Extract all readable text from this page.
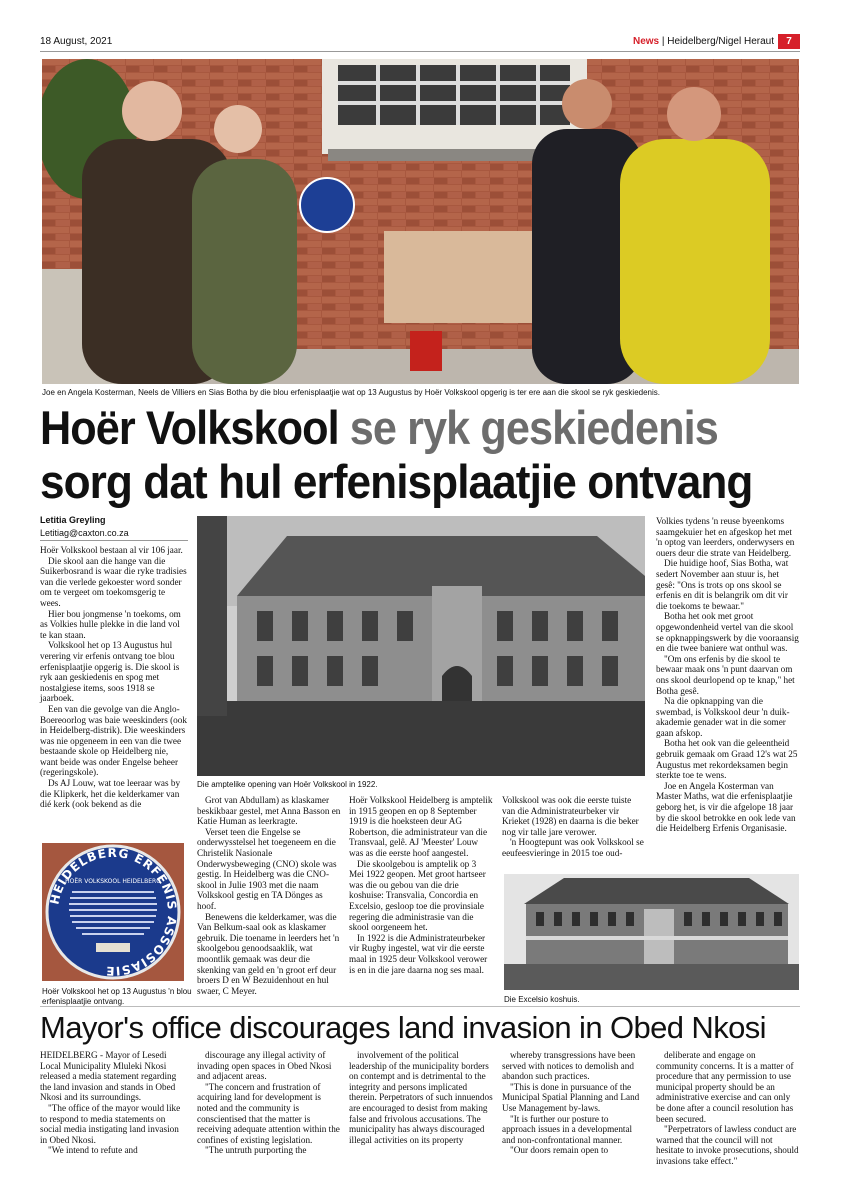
18 August, 2021	News | Heidelberg/Nigel Heraut	7
Joe en Angela Kosterman, Neels de Villiers en Sias Botha by die blou erfenisplaatjie wat op 13 Augustus by Hoër Volkskool opgerig is ter ere aan die skool se ryk geskiedenis.
Hoër Volkskool se ryk geskiedenis
sorg dat hul erfenisplaatjie ontvang
Letitia Greyling
Letitiag@caxton.co.za
Die amptelike opening van Hoër Volkskool in 1922.
HEIDELBERG ERFENIS ASSOSIASIE
HOËR VOLKSKOOL HEIDELBERG
Hoër Volkskool het op 13 Augustus 'n blou erfenisplaatjie ontvang.	Die Excelsio koshuis.

Hoër Volkskool bestaan al vir 106 jaar.

Die skool aan die hange van die Suikerbosrand is waar die ryke tradisies van die verlede gekoester word sonder om te vergeet om toekomsgerig te wees.

Hier bou jongmense 'n toekoms, om as Volkies hulle plekke in die land vol te kan staan.

Volkskool het op 13 Augustus hul verering vir erfenis ontvang toe blou erfenisplaatjie opgerig is. Die skool is ryk aan geskiedenis en spog met nostalgiese items, soos 1918 se jaarboek.

Een van die gevolge van die Anglo-Boereoorlog was baie weeskinders (ook in Heidelberg-distrik). Die weeskinders was nie opgeneem in een van die twee bestaande skole op Heidelberg nie, want beide was onder Engelse beheer (regeringskole).

Ds AJ Louw, wat toe leeraar was by die Klipkerk, het die kelderkamer van dié kerk (ook bekend as die	Grot van Abdullam) as klaskamer beskikbaar gestel, met Anna Basson en Katie Human as leerkragte.

Verset teen die Engelse se onderwysstelsel het toegeneem en die Christelik Nasionale Onderwysbeweging (CNO) skole was gestig. In Heidelberg was die CNO-skool in Julie 1903 met die naam Volkskool gestig en TA Dönges as hoof.

Benewens die kelderkamer, was die Van Belkum-saal ook as klaskamer gebruik. Die toename in leerders het 'n skoolgebou genoodsaaklik, wat moontlik gemaak was deur die skenking van geld en 'n groot erf deur broers D en W Bezuidenhout en hul swaer, C Meyer.

Hoër Volkskool Heidelberg is amptelik in 1915 geopen en op 8 September 1919 is die hoeksteen deur AG Robertson, die administrateur van die Transvaal, gelê. AJ 'Meester' Louw was as die eerste hoof aangestel.

Die skoolgebou is amptelik op 3 Mei 1922 geopen. Met groot hartseer was die ou gebou van die drie koshuise: Transvalia, Concordia en Excelsio, gesloop toe die provinsiale regering die administrasie van die skool oorgeneem het.

In 1922 is die Administrateurbeker vir Rugby ingestel, wat vir die eerste maal in 1925 deur Volkskool verower is en in die jare daarna nog ses maal.

Volkskool was ook die eerste tuiste van die Administrateurbeker vir Krieket (1928) en daarna is die beker nog vir talle jare verower.

'n Hoogtepunt was ook Volkskool se eeufeesvieringe in 2015 toe oud-

Volkies tydens 'n reuse byeenkoms saamgekuier het en afgeskop het met 'n optog van leerders, onderwysers en ouers deur die strate van Heidelberg.

Die huidige hoof, Sias Botha, wat sedert November aan stuur is, het gesê: "Ons is trots op ons skool se erfenis en dit is belangrik om dit vir die toekoms te bewaar."

Botha het ook met groot opgewondenheid vertel van die skool se opknappingswerk by die vooraansig en die twee baniere wat onthul was.

"Om ons erfenis by die skool te bewaar maak ons 'n punt daarvan om ons skool deurlopend op te knap," het Botha gesê.

Na die opknapping van die swembad, is Volkskool deur 'n duik-akademie genader wat in die somer gaan afskop.

Botha het ook van die geleentheid gebruik gemaak om Graad 12's wat 25 Augustus met rekordeksamen begin sterkte toe te wens.

Joe en Angela Kosterman van Master Maths, wat die erfenisplaatjie geborg het, is vir die afgelope 18 jaar by die skool betrokke en ook lede van die Heidelberg Erfenis Organisasie.

Mayor's office discourages land invasion in Obed Nkosi

HEIDELBERG - Mayor of Lesedi Local Municipality Mluleki Nkosi released a media statement regarding the land invasion and stands in Obed Nkosi and its surroundings.

"The office of the mayor would like to respond to media statements on social media instigating land invasion in Obed Nkosi.

"We intend to refute and

discourage any illegal activity of invading open spaces in Obed Nkosi and adjacent areas.

"The concern and frustration of acquiring land for development is noted and the community is conscientised that the matter is receiving adequate attention within the confines of existing legislation.

"The untruth purporting the

involvement of the political leadership of the municipality borders on contempt and is detrimental to the integrity and persons implicated therein. Perpetrators of such innuendos are encouraged to desist from making false and frivolous accusations. The municipality has always discouraged illegal activities on its property

whereby transgressions have been served with notices to demolish and abandon such practices.

"This is done in pursuance of the Municipal Spatial Planning and Land Use Management by-laws.

"It is further our posture to approach issues in a developmental and non-confrontational manner.

"Our doors remain open to

deliberate and engage on community concerns. It is a matter of procedure that any permission to use municipal property should be an administrative exercise and can only be done after a council resolution has been secured.

"Perpetrators of lawless conduct are warned that the council will not hesitate to invoke prosecutions, should invasions take effect."
